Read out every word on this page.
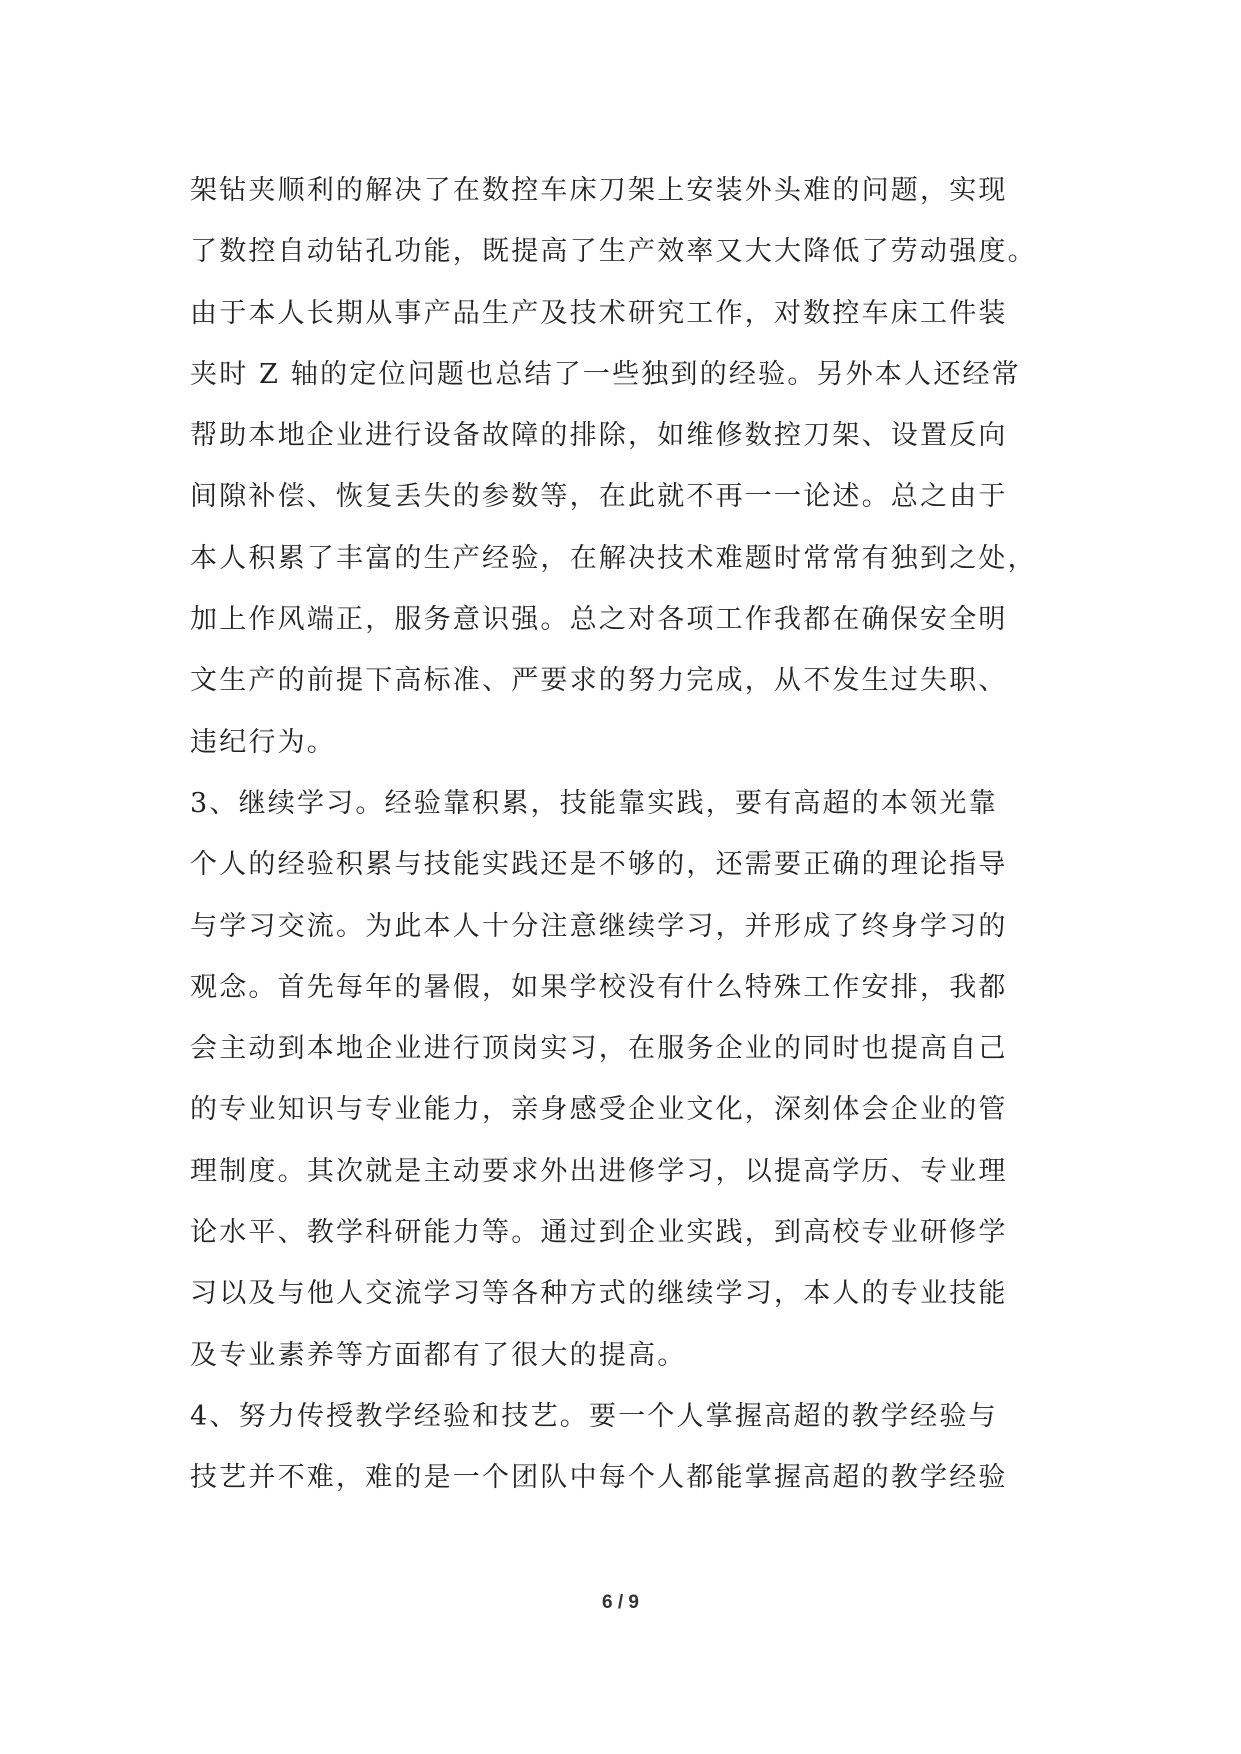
架钻夹顺利的解决了在数控车床刀架上安装外头难的问题，实现
了数控自动钻孔功能，既提高了生产效率又大大降低了劳动强度。
由于本人长期从事产品生产及技术研究工作，对数控车床工件装
夹时 Z 轴的定位问题也总结了一些独到的经验。另外本人还经常
帮助本地企业进行设备故障的排除，如维修数控刀架、设置反向
间隙补偿、恢复丢失的参数等，在此就不再一一论述。总之由于
本人积累了丰富的生产经验，在解决技术难题时常常有独到之处，
加上作风端正，服务意识强。总之对各项工作我都在确保安全明
文生产的前提下高标准、严要求的努力完成，从不发生过失职、
违纪行为。
3、继续学习。经验靠积累，技能靠实践，要有高超的本领光靠
个人的经验积累与技能实践还是不够的，还需要正确的理论指导
与学习交流。为此本人十分注意继续学习，并形成了终身学习的
观念。首先每年的暑假，如果学校没有什么特殊工作安排，我都
会主动到本地企业进行顶岗实习，在服务企业的同时也提高自己
的专业知识与专业能力，亲身感受企业文化，深刻体会企业的管
理制度。其次就是主动要求外出进修学习，以提高学历、专业理
论水平、教学科研能力等。通过到企业实践，到高校专业研修学
习以及与他人交流学习等各种方式的继续学习，本人的专业技能
及专业素养等方面都有了很大的提高。
4、努力传授教学经验和技艺。要一个人掌握高超的教学经验与
技艺并不难，难的是一个团队中每个人都能掌握高超的教学经验
6 / 9
